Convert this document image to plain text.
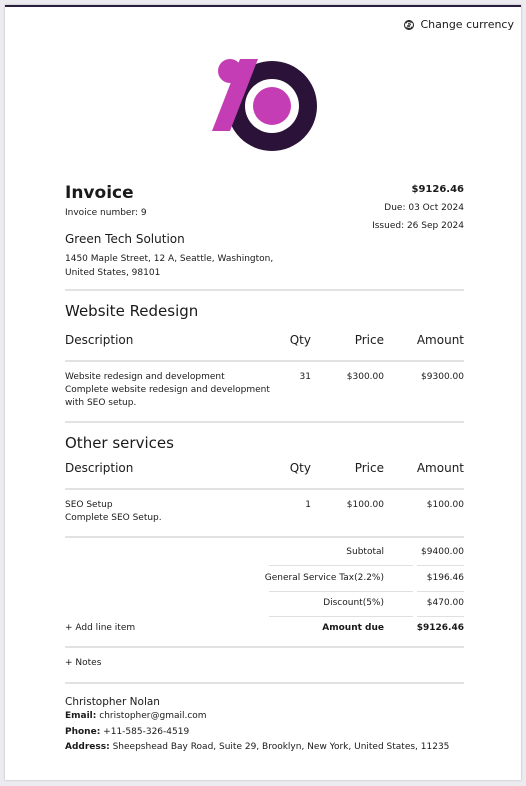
Change currency
Invoice
Invoice number: 9
Green Tech Solution
1450 Maple Street, 12 A, Seattle, Washington, United States, 98101
$9126.46
Due: 03 Oct 2024
Issued: 26 Sep 2024
Website Redesign
Description	Qty	Price	Amount
Website redesign and development
Complete website redesign and development with SEO setup.
31	$300.00	$9300.00
Other services
Description	Qty	Price	Amount
SEO Setup
Complete SEO Setup.
1	$100.00	$100.00
Subtotal	$9400.00
General Service Tax(2.2%)	$196.46
Discount(5%)	$470.00
+ Add line item	Amount due	$9126.46
+ Notes
Christopher Nolan
Email: christopher@gmail.com
Phone: +11-585-326-4519
Address: Sheepshead Bay Road, Suite 29, Brooklyn, New York, United States, 11235
